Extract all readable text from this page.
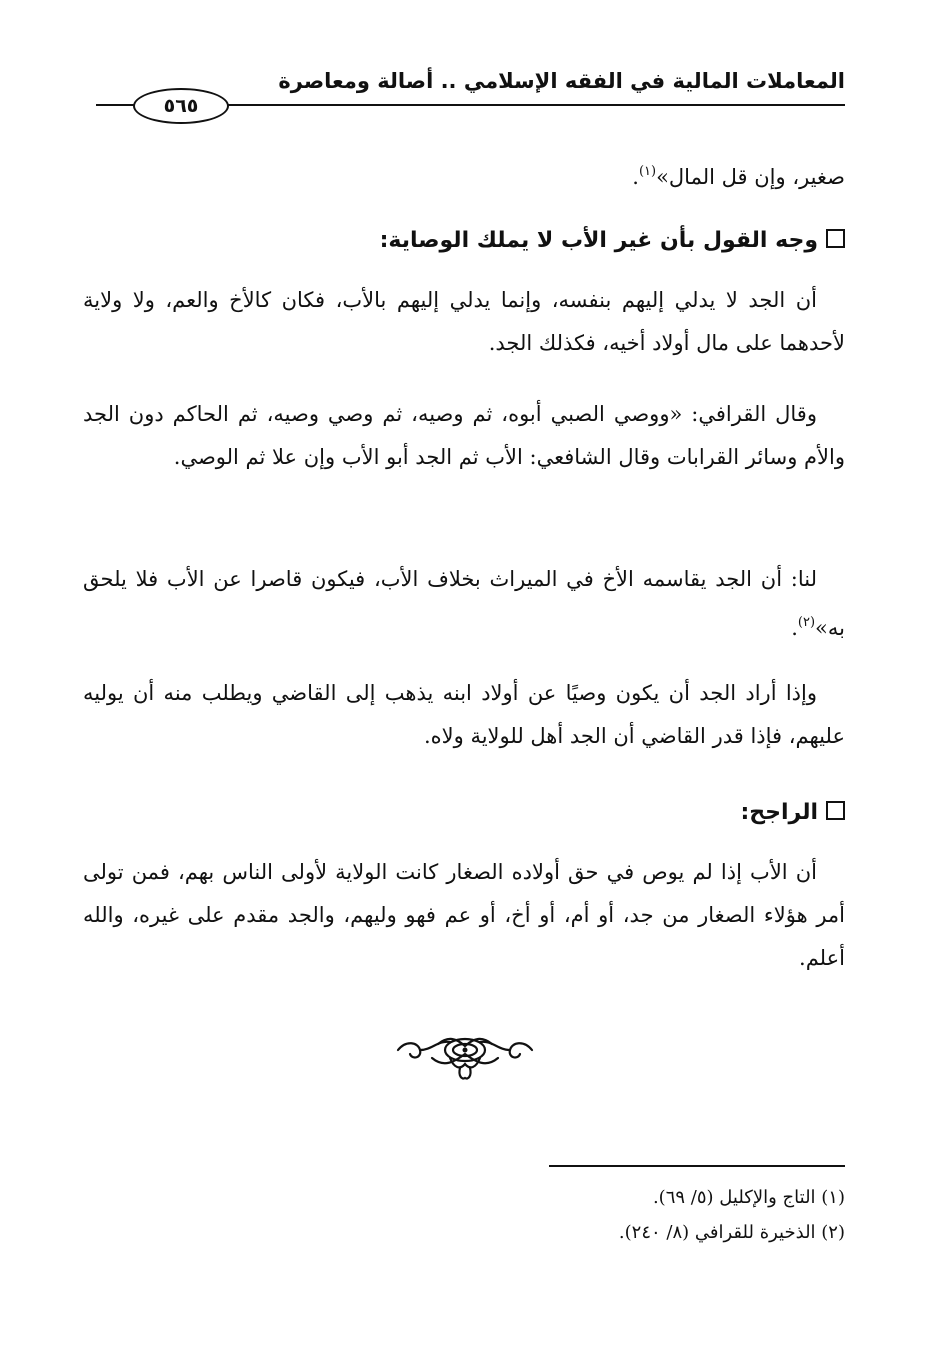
المعاملات المالية في الفقه الإسلامي .. أصالة ومعاصرة
٥٦٥
صغير، وإن قل المال»$^{(١)}$.
وجه القول بأن غير الأب لا يملك الوصاية:
أن الجد لا يدلي إليهم بنفسه، وإنما يدلي إليهم بالأب، فكان كالأخ والعم، ولا ولاية لأحدهما على مال أولاد أخيه، فكذلك الجد.
وقال القرافي: «ووصي الصبي أبوه، ثم وصيه، ثم وصي وصيه، ثم الحاكم دون الجد والأم وسائر القرابات وقال الشافعي: الأب ثم الجد أبو الأب وإن علا ثم الوصي.
لنا: أن الجد يقاسمه الأخ في الميراث بخلاف الأب، فيكون قاصرا عن الأب فلا يلحق به»$^{(٢)}$.
وإذا أراد الجد أن يكون وصيًا عن أولاد ابنه يذهب إلى القاضي ويطلب منه أن يوليه عليهم، فإذا قدر القاضي أن الجد أهل للولاية ولاه.
الراجح:
أن الأب إذا لم يوص في حق أولاده الصغار كانت الولاية لأولى الناس بهم، فمن تولى أمر هؤلاء الصغار من جد، أو أم، أو أخ، أو عم فهو وليهم، والجد مقدم على غيره، والله أعلم.
(١) التاج والإكليل (٥/ ٦٩).
(٢) الذخيرة للقرافي (٨/ ٢٤٠).
